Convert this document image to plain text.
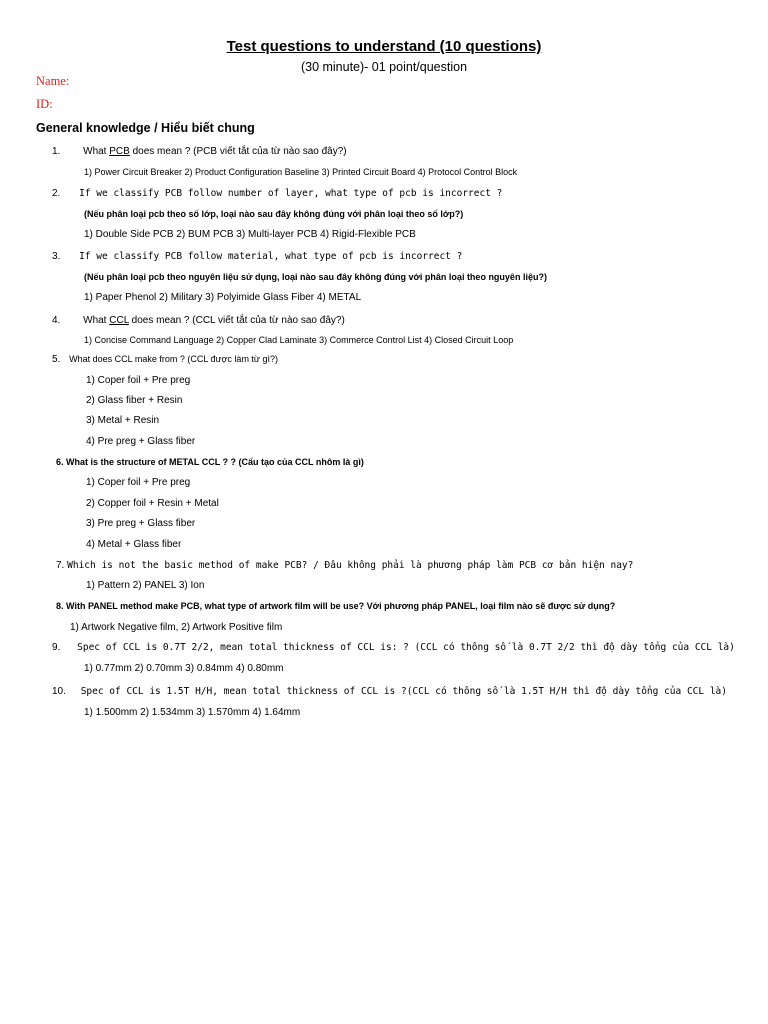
Test questions to understand (10 questions)
(30 minute)- 01 point/question
Name:
ID:
General knowledge / Hiểu biết chung
1. What PCB does mean ? (PCB viết tắt của từ nào sao đây?)
1) Power Circuit Breaker 2) Product Configuration Baseline 3) Printed Circuit Board 4) Protocol Control Block
2. If we classify PCB follow number of layer, what type of pcb is incorrect ?
(Nếu phân loại pcb theo số lớp, loại nào sau đây không đúng với phân loại theo số lớp?)
1) Double Side PCB 2) BUM PCB 3) Multi-layer PCB 4) Rigid-Flexible PCB
3. If we classify PCB follow material, what type of pcb is incorrect ?
(Nếu phân loại pcb theo nguyên liệu sử dụng, loại nào sau đây không đúng với phân loại theo nguyên liệu?)
1) Paper Phenol 2) Military 3) Polyimide Glass Fiber 4) METAL
4. What CCL does mean ? (CCL viết tắt của từ nào sao đây?)
1) Concise Command Language 2) Copper Clad Laminate 3) Commerce Control List 4) Closed Circuit Loop
5. What does CCL make from ? (CCL được làm từ gì?)
1) Coper foil + Pre preg
2) Glass fiber + Resin
3) Metal + Resin
4) Pre preg + Glass fiber
6. What is the structure of METAL CCL ? ? (Cấu tạo của CCL nhôm là gì)
1) Coper foil + Pre preg
2) Copper foil + Resin + Metal
3) Pre preg + Glass fiber
4) Metal + Glass fiber
7. Which is not the basic method of make PCB? / Đâu không phải là phương pháp làm PCB cơ bản hiện nay?
1) Pattern 2) PANEL 3) Ion
8. With PANEL method make PCB, what type of artwork film will be use? Với phương pháp PANEL, loại film nào sẽ được sử dụng?
1) Artwork Negative film, 2) Artwork Positive film
9. Spec of CCL is 0.7T 2/2, mean total thickness of CCL is: ? (CCL có thông số là 0.7T 2/2 thì độ dày tổng của CCL là)
1) 0.77mm 2) 0.70mm 3) 0.84mm 4) 0.80mm
10. Spec of CCL is 1.5T H/H, mean total thickness of CCL is ?(CCL có thông số là 1.5T H/H thì độ dày tổng của CCL là)
1) 1.500mm 2) 1.534mm 3) 1.570mm 4) 1.64mm
